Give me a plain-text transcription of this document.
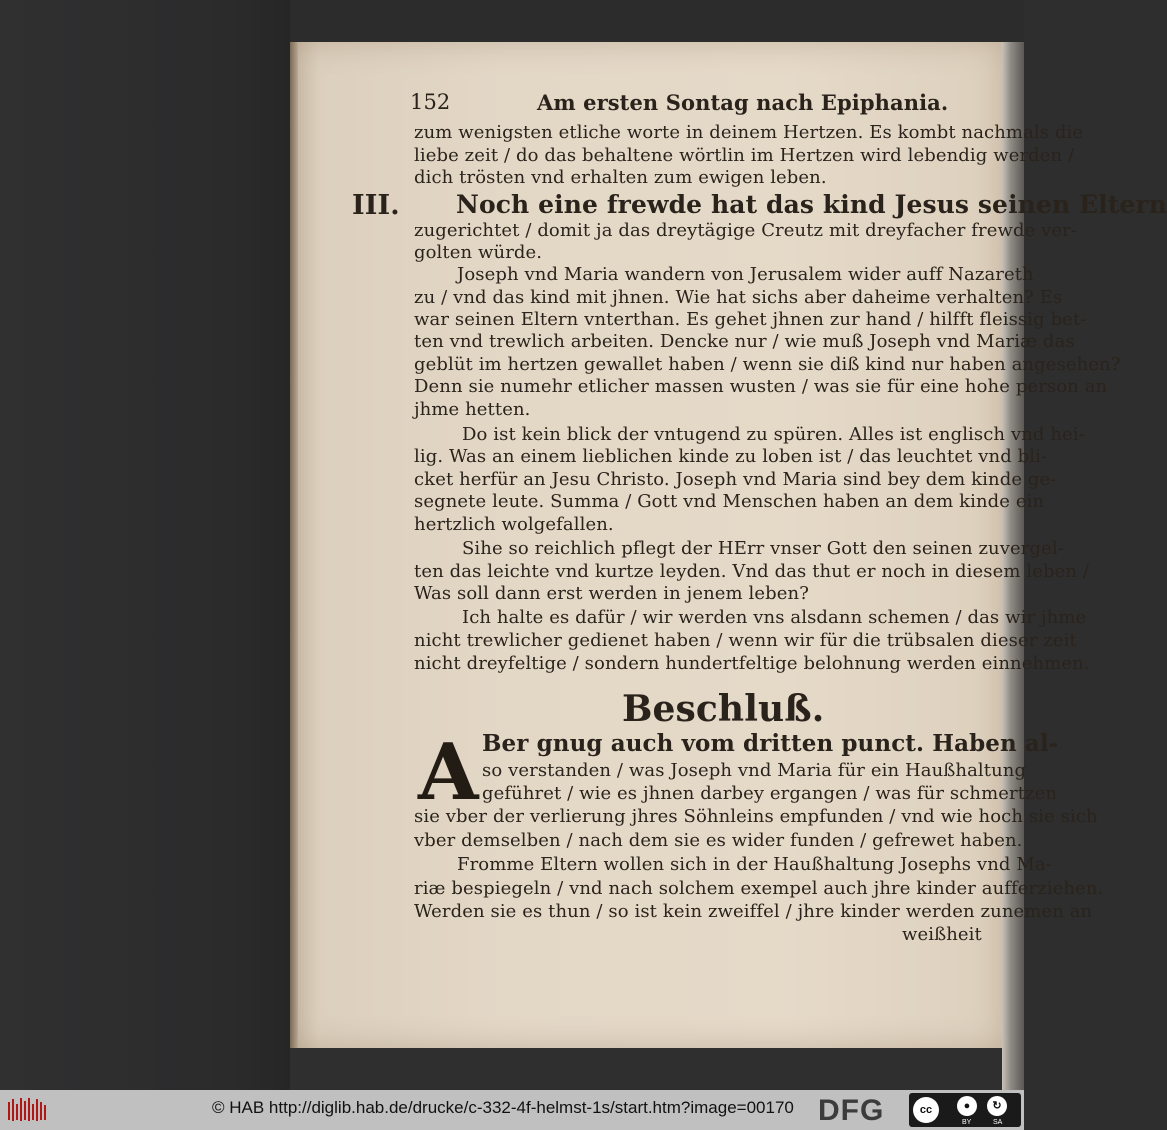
152	Am ersten Sontag nach Epiphania.
zum wenigsten etliche worte in deinem Hertzen. Es kombt nachmals die
liebe zeit / do das behaltene wörtlin im Hertzen wird lebendig werden /
dich trösten vnd erhalten zum ewigen leben.
III. Noch eine frewde hat das kind Jesus seinen Eltern
zugerichtet / domit ja das dreytägige Creutz mit dreyfacher frewde ver-
golten würde.
Joseph vnd Maria wandern von Jerusalem wider auff Nazareth
zu / vnd das kind mit jhnen. Wie hat sichs aber daheime verhalten? Es
war seinen Eltern vnterthan. Es gehet jhnen zur hand / hilfft fleissig bet-
ten vnd trewlich arbeiten. Dencke nur / wie muß Joseph vnd Mariæ das
geblüt im hertzen gewallet haben / wenn sie diß kind nur haben angesehen?
Denn sie numehr etlicher massen wusten / was sie für eine hohe person an
jhme hetten.
Do ist kein blick der vntugend zu spüren. Alles ist englisch vnd hei-
lig. Was an einem lieblichen kinde zu loben ist / das leuchtet vnd bli-
cket herfür an Jesu Christo. Joseph vnd Maria sind bey dem kinde ge-
segnete leute. Summa / Gott vnd Menschen haben an dem kinde ein
hertzlich wolgefallen.
Sihe so reichlich pflegt der HErr vnser Gott den seinen zuvergel-
ten das leichte vnd kurtze leyden. Vnd das thut er noch in diesem leben /
Was soll dann erst werden in jenem leben?
Ich halte es dafür / wir werden vns alsdann schemen / das wir jhme
nicht trewlicher gedienet haben / wenn wir für die trübsalen dieser zeit
nicht dreyfeltige / sondern hundertfeltige belohnung werden einnehmen.
Beschluß.
A Ber gnug auch vom dritten punct. Haben al-
so verstanden / was Joseph vnd Maria für ein Haußhaltung
geführet / wie es jhnen darbey ergangen / was für schmertzen
sie vber der verlierung jhres Söhnleins empfunden / vnd wie hoch sie sich
vber demselben / nach dem sie es wider funden / gefrewet haben.
Fromme Eltern wollen sich in der Haußhaltung Josephs vnd Ma-
riæ bespiegeln / vnd nach solchem exempel auch jhre kinder aufferziehen.
Werden sie es thun / so ist kein zweiffel / jhre kinder werden zunemen an
weißheit
© HAB http://diglib.hab.de/drucke/c-332-4f-helmst-1s/start.htm?image=00170 DFG	cc	●	↻
BY	SA
